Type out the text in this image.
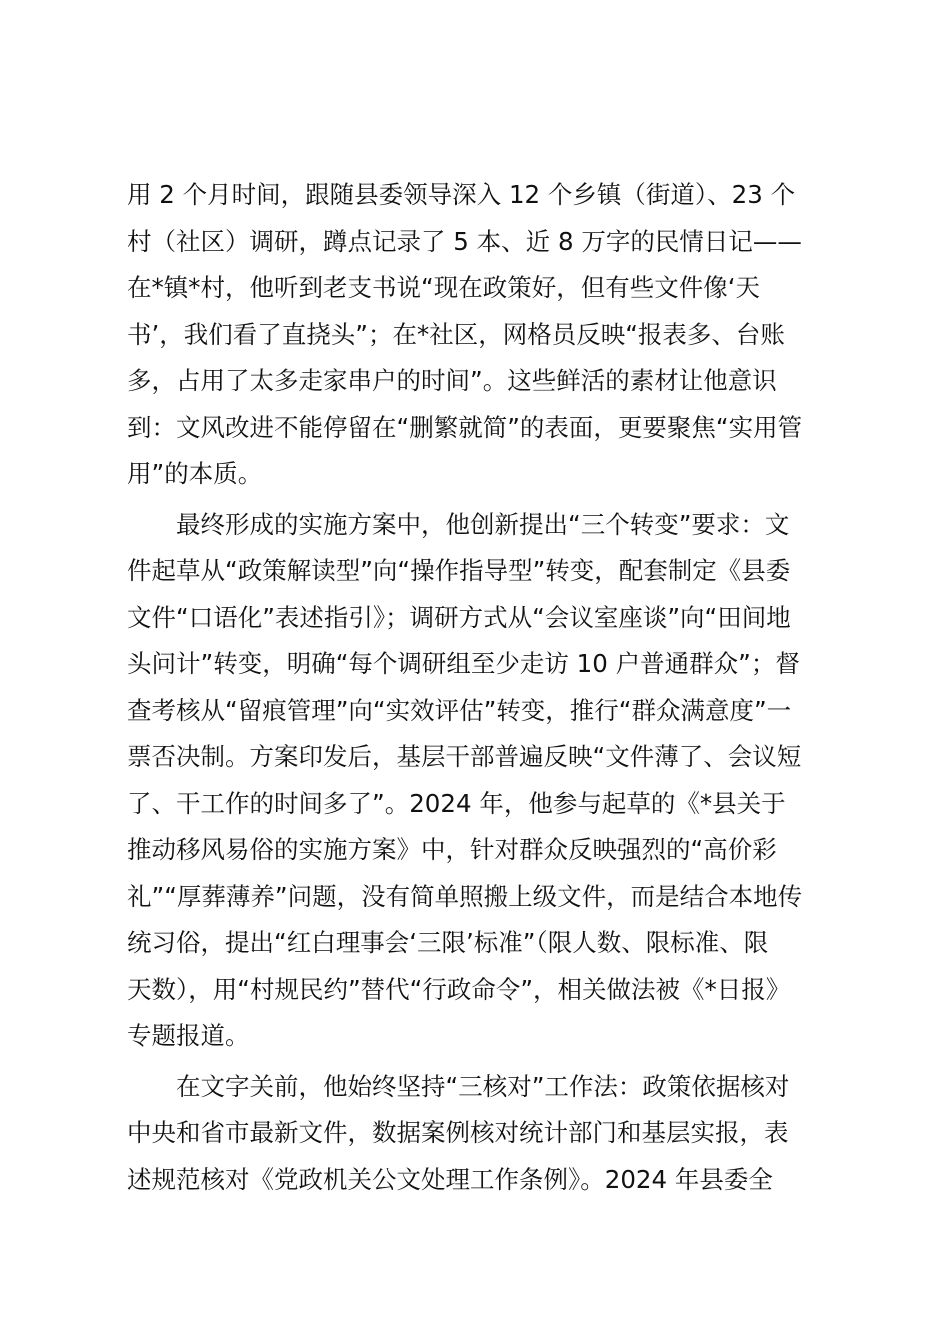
用 2 个月时间，跟随县委领导深入 12 个乡镇（街道）、23 个
村（社区）调研，蹲点记录了 5 本、近 8 万字的民情日记——
在*镇*村，他听到老支书说“现在政策好，但有些文件像‘天
书’，我们看了直挠头”；在*社区，网格员反映“报表多、台账
多，占用了太多走家串户的时间”。这些鲜活的素材让他意识
到：文风改进不能停留在“删繁就简”的表面，更要聚焦“实用管
用”的本质。
　　最终形成的实施方案中，他创新提出“三个转变”要求：文
件起草从“政策解读型”向“操作指导型”转变，配套制定《县委
文件“口语化”表述指引》；调研方式从“会议室座谈”向“田间地
头问计”转变，明确“每个调研组至少走访 10 户普通群众”；督
查考核从“留痕管理”向“实效评估”转变，推行“群众满意度”一
票否决制。方案印发后，基层干部普遍反映“文件薄了、会议短
了、干工作的时间多了”。2024 年，他参与起草的《*县关于
推动移风易俗的实施方案》中，针对群众反映强烈的“高价彩
礼”“厚葬薄养”问题，没有简单照搬上级文件，而是结合本地传
统习俗，提出“红白理事会‘三限’标准”（限人数、限标准、限
天数），用“村规民约”替代“行政命令”，相关做法被《*日报》
专题报道。
　　在文字关前，他始终坚持“三核对”工作法：政策依据核对
中央和省市最新文件，数据案例核对统计部门和基层实报，表
述规范核对《党政机关公文处理工作条例》。2024 年县委全
